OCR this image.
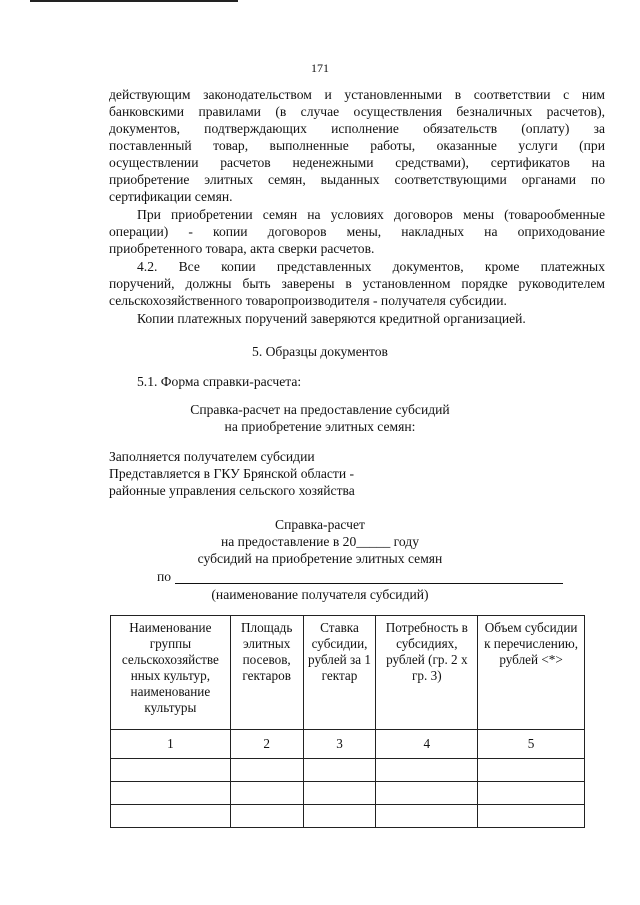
171
действующим законодательством и установленными в соответствии с ним
банковскими правилами (в случае осуществления безналичных расчетов),
документов, подтверждающих исполнение обязательств (оплату) за
поставленный товар, выполненные работы, оказанные услуги (при
осуществлении расчетов неденежными средствами), сертификатов на
приобретение элитных семян, выданных соответствующими органами по
сертификации семян.
При приобретении семян на условиях договоров мены (товарообменные
операции) - копии договоров мены, накладных на оприходование
приобретенного товара, акта сверки расчетов.
4.2. Все копии представленных документов, кроме платежных
поручений, должны быть заверены в установленном порядке руководителем
сельскохозяйственного товаропроизводителя - получателя субсидии.
Копии платежных поручений заверяются кредитной организацией.
5. Образцы документов
5.1. Форма справки-расчета:
Справка-расчет на предоставление субсидий
на приобретение элитных семян:
Заполняется получателем субсидии
Представляется в ГКУ Брянской области -
районные управления сельского хозяйства
Справка-расчет
на предоставление в 20_____ году
субсидий на приобретение элитных семян
по
(наименование получателя субсидий)
Наименование группы сельскохозяйстве нных культур, наименование культуры	Площадь элитных посевов, гектаров	Ставка субсидии, рублей за 1 гектар	Потребность в субсидиях, рублей (гр. 2 х гр. 3)	Объем субсидии к перечислению, рублей <*>
1	2	3	4	5
